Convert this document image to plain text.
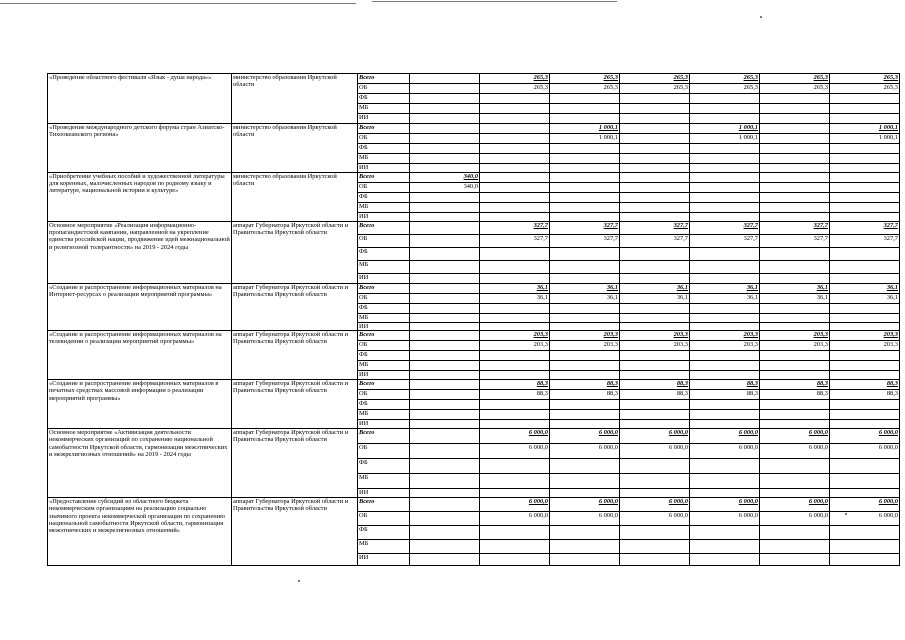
«Проведение областного фестиваля «Язык - душа народа»»	министерство образования Иркутской области	Всего		265,3	265,3	265,3	265,3	265,3	265,3
		ОБ		265,3	265,3	265,3	265,3	265,3	265,3
		ФБ							
		МБ							
		ИИ							
«Проведение международного детского форума стран Азиатско-Тихоокеанского региона»	министерство образования Иркутской области	Всего			1 000,1		1 000,1		1 000,1
		ОБ			1 000,1		1 000,1		1 000,1
		ФБ							
		МБ							
		ИИ							
«Приобретение учебных пособий и художественной литературы для коренных, малочисленных народов по родному языку и литературе, национальной истории и культуре»	министерство образования Иркутской области	Всего	340,0						
		ОБ	340,0						
		ФБ							
		МБ							
		ИИ							
Основное мероприятие «Реализация информационно-пропагандистской кампании, направленной на укрепление единства российской нации, продвижение идей межнациональной и религиозной толерантности» на 2019 - 2024 годы	аппарат Губернатора Иркутской области и Правительства Иркутской области	Всего		327,7	327,7	327,7	327,7	327,7	327,7
		ОБ		327,7	327,7	327,7	327,7	327,7	327,7
		ФБ							
		МБ							
		ИИ							
«Создание и распространение информационных материалов на Интернет-ресурсах о реализации мероприятий программы»	аппарат Губернатора Иркутской области и Правительства Иркутской области	Всего		36,1	36,1	36,1	36,1	36,1	36,1
		ОБ		36,1	36,1	36,1	36,1	36,1	36,1
		ФБ							
		МБ							
		ИИ							
«Создание и распространение информационных материалов на телевидении о реализации мероприятий программы»	аппарат Губернатора Иркутской области и Правительства Иркутской области	Всего		203,3	203,3	203,3	203,3	203,3	203,3
		ОБ		203,3	203,3	203,3	203,3	203,3	203,3
		ФБ							
		МБ							
		ИИ							
«Создание и распространение информационных материалов в печатных средствах массовой информации о реализации мероприятий программы»	аппарат Губернатора Иркутской области и Правительства Иркутской области	Всего		88,3	88,3	88,3	88,3	88,3	88,3
		ОБ		88,3	88,3	88,3	88,3	88,3	88,3
		ФБ							
		МБ							
		ИИ							
Основное мероприятие «Активизация деятельности некоммерческих организаций по сохранению национальной самобытности Иркутской области, гармонизации межэтнических и межрелигиозных отношений» на 2019 - 2024 годы	аппарат Губернатора Иркутской области и Правительства Иркутской области	Всего		6 000,0	6 000,0	6 000,0	6 000,0	6 000,0	6 000,0
		ОБ		6 000,0	6 000,0	6 000,0	6 000,0	6 000,0	6 000,0
		ФБ							
		МБ							
		ИИ							
«Предоставление субсидий из областного бюджета некоммерческим организациям на реализацию социально значимого проекта некоммерческой организации по сохранению национальной самобытности Иркутской области, гармонизация межэтнических и межрелигиозных отношений»	аппарат Губернатора Иркутской области и Правительства Иркутской области	Всего		6 000,0	6 000,0	6 000,0	6 000,0	6 000,0	6 000,0
		ОБ		6 000,0	6 000,0	6 000,0	6 000,0	6 000,0	6 000,0
		ФБ							
		МБ							
		ИИ							
